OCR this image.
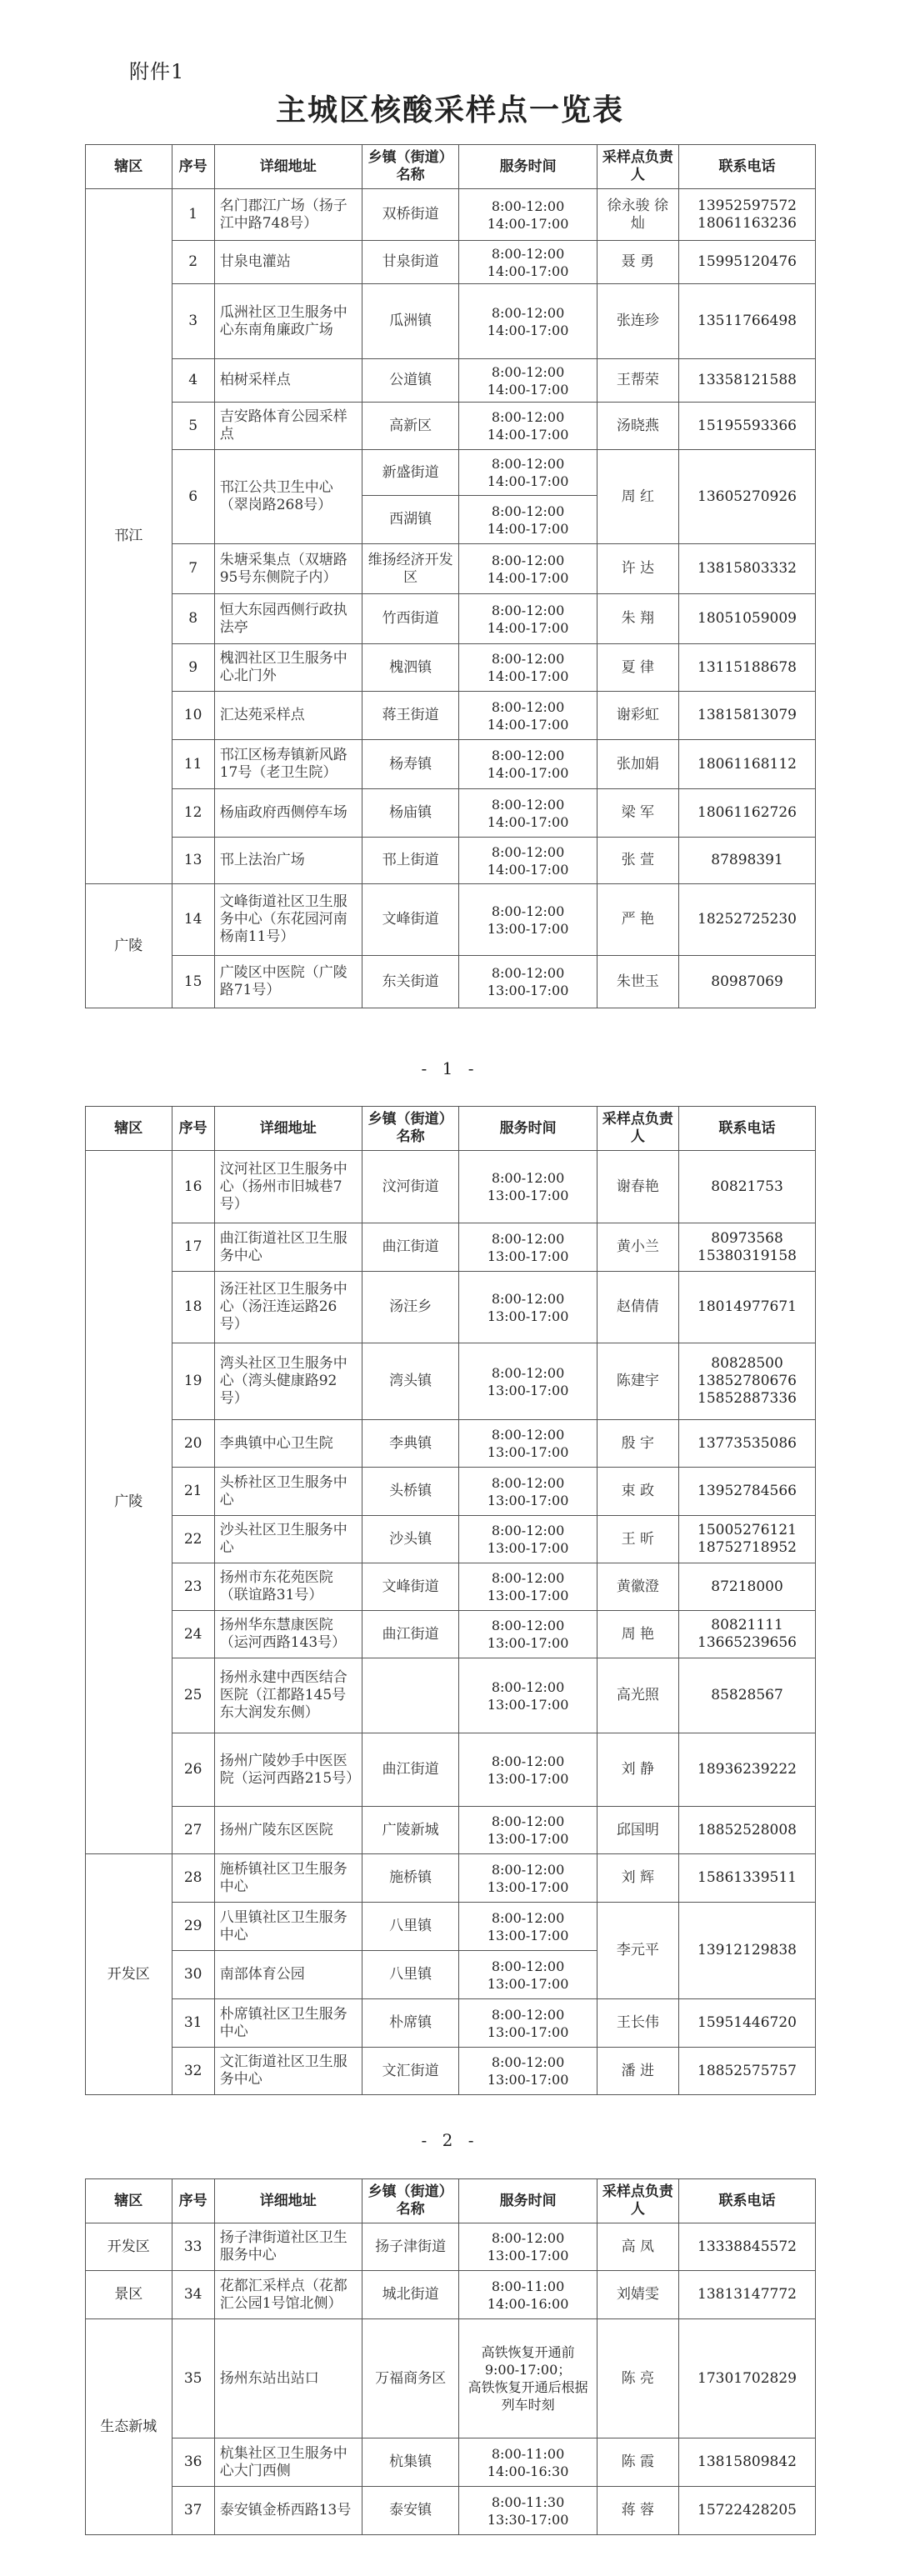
附件1
主城区核酸采样点一览表
辖区	序号	详细地址	乡镇（街道）名称	服务时间	采样点负责人	联系电话
邗江	1	名门郡江广场（扬子江中路748号）	双桥街道	8:00-12:00
14:00-17:00	徐永骏 徐 灿	13952597572
18061163236

	2	甘泉电灌站	甘泉街道	8:00-12:00
14:00-17:00	聂 勇	15995120476
	3	瓜洲社区卫生服务中心东南角廉政广场	瓜洲镇	8:00-12:00
14:00-17:00	张连珍	13511766498
	4	柏树采样点	公道镇	8:00-12:00
14:00-17:00	王帮荣	13358121588
	5	吉安路体育公园采样点	高新区	8:00-12:00
14:00-17:00	汤晓燕	15195593366
	6	邗江公共卫生中心（翠岗路268号）	新盛街道	8:00-12:00
14:00-17:00	周 红	13605270926
			西湖镇	8:00-12:00
14:00-17:00		

	7	朱塘采集点（双塘路95号东侧院子内）	维扬经济开发区	8:00-12:00
14:00-17:00	许 达	13815803332
	8	恒大东园西侧行政执法亭	竹西街道	8:00-12:00
14:00-17:00	朱 翔	18051059009
	9	槐泗社区卫生服务中心北门外	槐泗镇	8:00-12:00
14:00-17:00	夏 律	13115188678
	10	汇达苑采样点	蒋王街道	8:00-12:00
14:00-17:00	谢彩虹	13815813079
	11	邗江区杨寿镇新风路17号（老卫生院）	杨寿镇	8:00-12:00
14:00-17:00	张加娟	18061168112
	12	杨庙政府西侧停车场	杨庙镇	8:00-12:00
14:00-17:00	梁 军	18061162726
	13	邗上法治广场	邗上街道	8:00-12:00
14:00-17:00	张 萱	87898391
广陵	14	文峰街道社区卫生服务中心（东花园河南杨南11号）	文峰街道	8:00-12:00
13:00-17:00	严 艳	18252725230
	15	广陵区中医院（广陵路71号）	东关街道	8:00-12:00
13:00-17:00	朱世玉	80987069
- 1 -
辖区	序号	详细地址	乡镇（街道）名称	服务时间	采样点负责人	联系电话
广陵	16	汶河社区卫生服务中心（扬州市旧城巷7号）	汶河街道	8:00-12:00
13:00-17:00	谢春艳	80821753
	17	曲江街道社区卫生服务中心	曲江街道	8:00-12:00
13:00-17:00	黄小兰	80973568
15380319158

	18	汤汪社区卫生服务中心（汤汪连运路26号）	汤汪乡	8:00-12:00
13:00-17:00	赵倩倩	18014977671
	19	湾头社区卫生服务中心（湾头健康路92号）	湾头镇	8:00-12:00
13:00-17:00	陈建宇	80828500
13852780676
15852887336

	20	李典镇中心卫生院	李典镇	8:00-12:00
13:00-17:00	殷 宇	13773535086
	21	头桥社区卫生服务中心	头桥镇	8:00-12:00
13:00-17:00	束 政	13952784566
	22	沙头社区卫生服务中心	沙头镇	8:00-12:00
13:00-17:00	王 昕	15005276121
18752718952

	23	扬州市东花苑医院（联谊路31号）	文峰街道	8:00-12:00
13:00-17:00	黄徽澄	87218000
	24	扬州华东慧康医院（运河西路143号）	曲江街道	8:00-12:00
13:00-17:00	周 艳	80821111
13665239656

	25	扬州永建中西医结合医院（江都路145号东大润发东侧）		8:00-12:00
13:00-17:00	高光照	85828567
	26	扬州广陵妙手中医医院（运河西路215号）	曲江街道	8:00-12:00
13:00-17:00	刘 静	18936239222
	27	扬州广陵东区医院	广陵新城	8:00-12:00
13:00-17:00	邱国明	18852528008
开发区	28	施桥镇社区卫生服务中心	施桥镇	8:00-12:00
13:00-17:00	刘 辉	15861339511
	29	八里镇社区卫生服务中心	八里镇	8:00-12:00
13:00-17:00	李元平	13912129838
	30	南部体育公园	八里镇	8:00-12:00
13:00-17:00		

	31	朴席镇社区卫生服务中心	朴席镇	8:00-12:00
13:00-17:00	王长伟	15951446720
	32	文汇街道社区卫生服务中心	文汇街道	8:00-12:00
13:00-17:00	潘 进	18852575757
- 2 -
辖区	序号	详细地址	乡镇（街道）名称	服务时间	采样点负责人	联系电话
开发区	33	扬子津街道社区卫生服务中心	扬子津街道	8:00-12:00
13:00-17:00	高 凤	13338845572
景区	34	花都汇采样点（花都汇公园1号馆北侧）	城北街道	8:00-11:00
14:00-16:00	刘婧雯	13813147772
生态新城	35	扬州东站出站口	万福商务区	高铁恢复开通前 9:00-17:00；
高铁恢复开通后根据列车时刻	陈 亮	17301702829
	36	杭集社区卫生服务中心大门西侧	杭集镇	8:00-11:00
14:00-16:30	陈 霞	13815809842
	37	泰安镇金桥西路13号	泰安镇	8:00-11:30
13:30-17:00	蒋 蓉	15722428205
